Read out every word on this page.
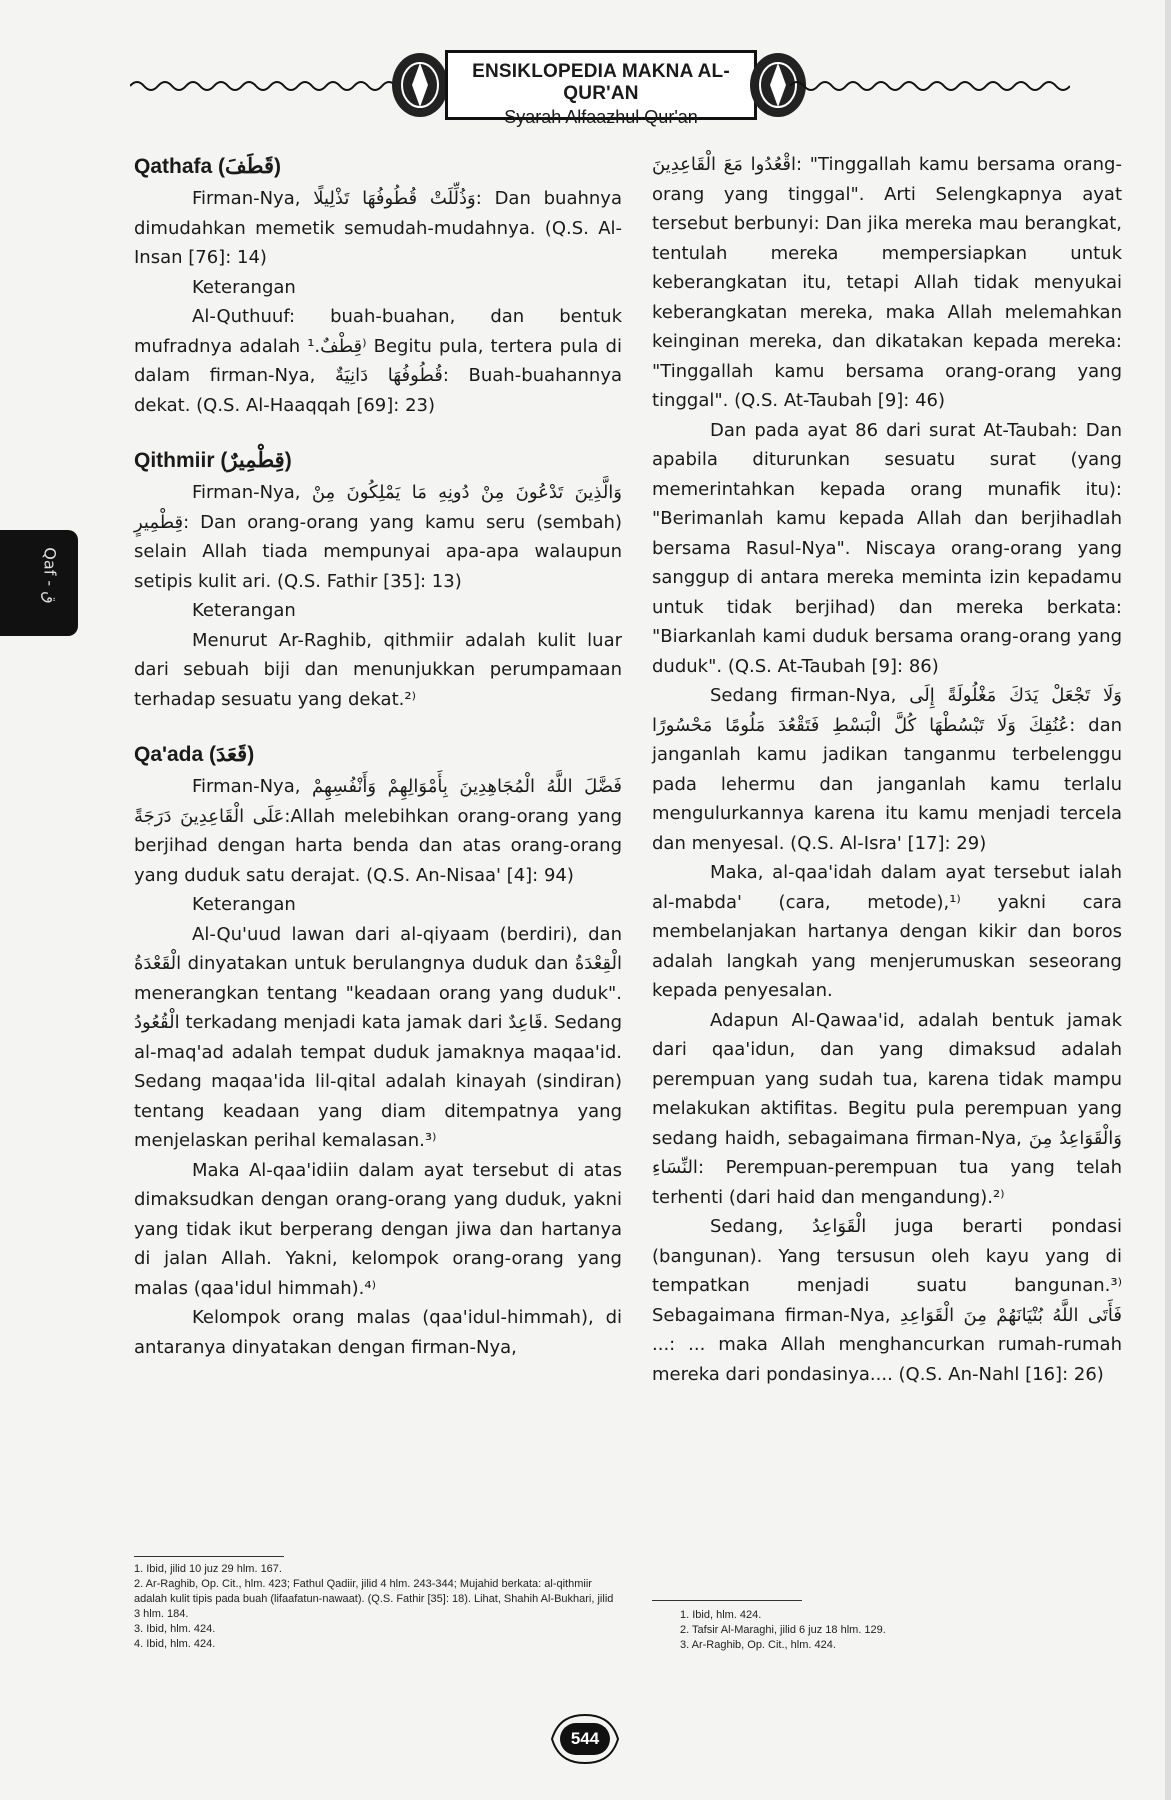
ENSIKLOPEDIA MAKNA AL-QUR'AN
Syarah Alfaazhul Qur'an
Qaf - ق
Qathafa (قَطَفَ)

Firman-Nya, وَذُلِّلَتْ قُطُوفُهَا تَذْلِيلًا: Dan buahnya dimudahkan memetik semudah-mudahnya. (Q.S. Al-Insan [76]: 14)

Keterangan

Al-Quthuuf: buah-buahan, dan bentuk mufradnya adalah قِطْفٌ.¹⁾ Begitu pula, tertera pula di dalam firman-Nya, قُطُوفُهَا دَانِيَةٌ: Buah-buahannya dekat. (Q.S. Al-Haaqqah [69]: 23)

Qithmiir (قِطْمِيرٌ)

Firman-Nya, وَالَّذِينَ تَدْعُونَ مِنْ دُونِهِ مَا يَمْلِكُونَ مِنْ قِطْمِيرٍ: Dan orang-orang yang kamu seru (sembah) selain Allah tiada mempunyai apa-apa walaupun setipis kulit ari. (Q.S. Fathir [35]: 13)

Keterangan

Menurut Ar-Raghib, qithmiir adalah kulit luar dari sebuah biji dan menunjukkan perumpamaan terhadap sesuatu yang dekat.²⁾

Qa'ada (قَعَدَ)

Firman-Nya, فَضَّلَ اللَّهُ الْمُجَاهِدِينَ بِأَمْوَالِهِمْ وَأَنْفُسِهِمْ عَلَى الْقَاعِدِينَ دَرَجَةً:Allah melebihkan orang-orang yang berjihad dengan harta benda dan atas orang-orang yang duduk satu derajat. (Q.S. An-Nisaa' [4]: 94)

Keterangan

Al-Qu'uud lawan dari al-qiyaam (berdiri), dan الْقَعْدَةُ dinyatakan untuk berulangnya duduk dan الْقِعْدَةُ menerangkan tentang "keadaan orang yang duduk". الْقُعُودُ terkadang menjadi kata jamak dari قَاعِدٌ. Sedang al-maq'ad adalah tempat duduk jamaknya maqaa'id. Sedang maqaa'ida lil-qital adalah kinayah (sindiran) tentang keadaan yang diam ditempatnya yang menjelaskan perihal kemalasan.³⁾

Maka Al-qaa'idiin dalam ayat tersebut di atas dimaksudkan dengan orang-orang yang duduk, yakni yang tidak ikut berperang dengan jiwa dan hartanya di jalan Allah. Yakni, kelompok orang-orang yang malas (qaa'idul himmah).⁴⁾

Kelompok orang malas (qaa'idul-himmah), di antaranya dinyatakan dengan firman-Nya,

اقْعُدُوا مَعَ الْقَاعِدِينَ: "Tinggallah kamu bersama orang-orang yang tinggal". Arti Selengkapnya ayat tersebut berbunyi: Dan jika mereka mau berangkat, tentulah mereka mempersiapkan untuk keberangkatan itu, tetapi Allah tidak menyukai keberangkatan mereka, maka Allah melemahkan keinginan mereka, dan dikatakan kepada mereka: "Tinggallah kamu bersama orang-orang yang tinggal". (Q.S. At-Taubah [9]: 46)

Dan pada ayat 86 dari surat At-Taubah: Dan apabila diturunkan sesuatu surat (yang memerintahkan kepada orang munafik itu): "Berimanlah kamu kepada Allah dan berjihadlah bersama Rasul-Nya". Niscaya orang-orang yang sanggup di antara mereka meminta izin kepadamu untuk tidak berjihad) dan mereka berkata: "Biarkanlah kami duduk bersama orang-orang yang duduk". (Q.S. At-Taubah [9]: 86)

Sedang firman-Nya, وَلَا تَجْعَلْ يَدَكَ مَغْلُولَةً إِلَى عُنُقِكَ وَلَا تَبْسُطْهَا كُلَّ الْبَسْطِ فَتَقْعُدَ مَلُومًا مَحْسُورًا: dan janganlah kamu jadikan tanganmu terbelenggu pada lehermu dan janganlah kamu terlalu mengulurkannya karena itu kamu menjadi tercela dan menyesal. (Q.S. Al-Isra' [17]: 29)

Maka, al-qaa'idah dalam ayat tersebut ialah al-mabda' (cara, metode),¹⁾ yakni cara membelanjakan hartanya dengan kikir dan boros adalah langkah yang menjerumuskan seseorang kepada penyesalan.

Adapun Al-Qawaa'id, adalah bentuk jamak dari qaa'idun, dan yang dimaksud adalah perempuan yang sudah tua, karena tidak mampu melakukan aktifitas. Begitu pula perempuan yang sedang haidh, sebagaimana firman-Nya, وَالْقَوَاعِدُ مِنَ النِّسَاءِ: Perempuan-perempuan tua yang telah terhenti (dari haid dan mengandung).²⁾

Sedang, الْقَوَاعِدُ juga berarti pondasi (bangunan). Yang tersusun oleh kayu yang di tempatkan menjadi suatu bangunan.³⁾ Sebagaimana firman-Nya, فَأَتَى اللَّهُ بُنْيَانَهُمْ مِنَ الْقَوَاعِدِ ...: ... maka Allah menghancurkan rumah-rumah mereka dari pondasinya.... (Q.S. An-Nahl [16]: 26)

1. Ibid, jilid 10 juz 29 hlm. 167.
2. Ar-Raghib, Op. Cit., hlm. 423; Fathul Qadiir, jilid 4 hlm. 243-344; Mujahid berkata: al-qithmiir adalah kulit tipis pada buah (lifaafatun-nawaat). (Q.S. Fathir [35]: 18). Lihat, Shahih Al-Bukhari, jilid 3 hlm. 184.
3. Ibid, hlm. 424.
4. Ibid, hlm. 424.
1. Ibid, hlm. 424.
2. Tafsir Al-Maraghi, jilid 6 juz 18 hlm. 129.
3. Ar-Raghib, Op. Cit., hlm. 424.
544
